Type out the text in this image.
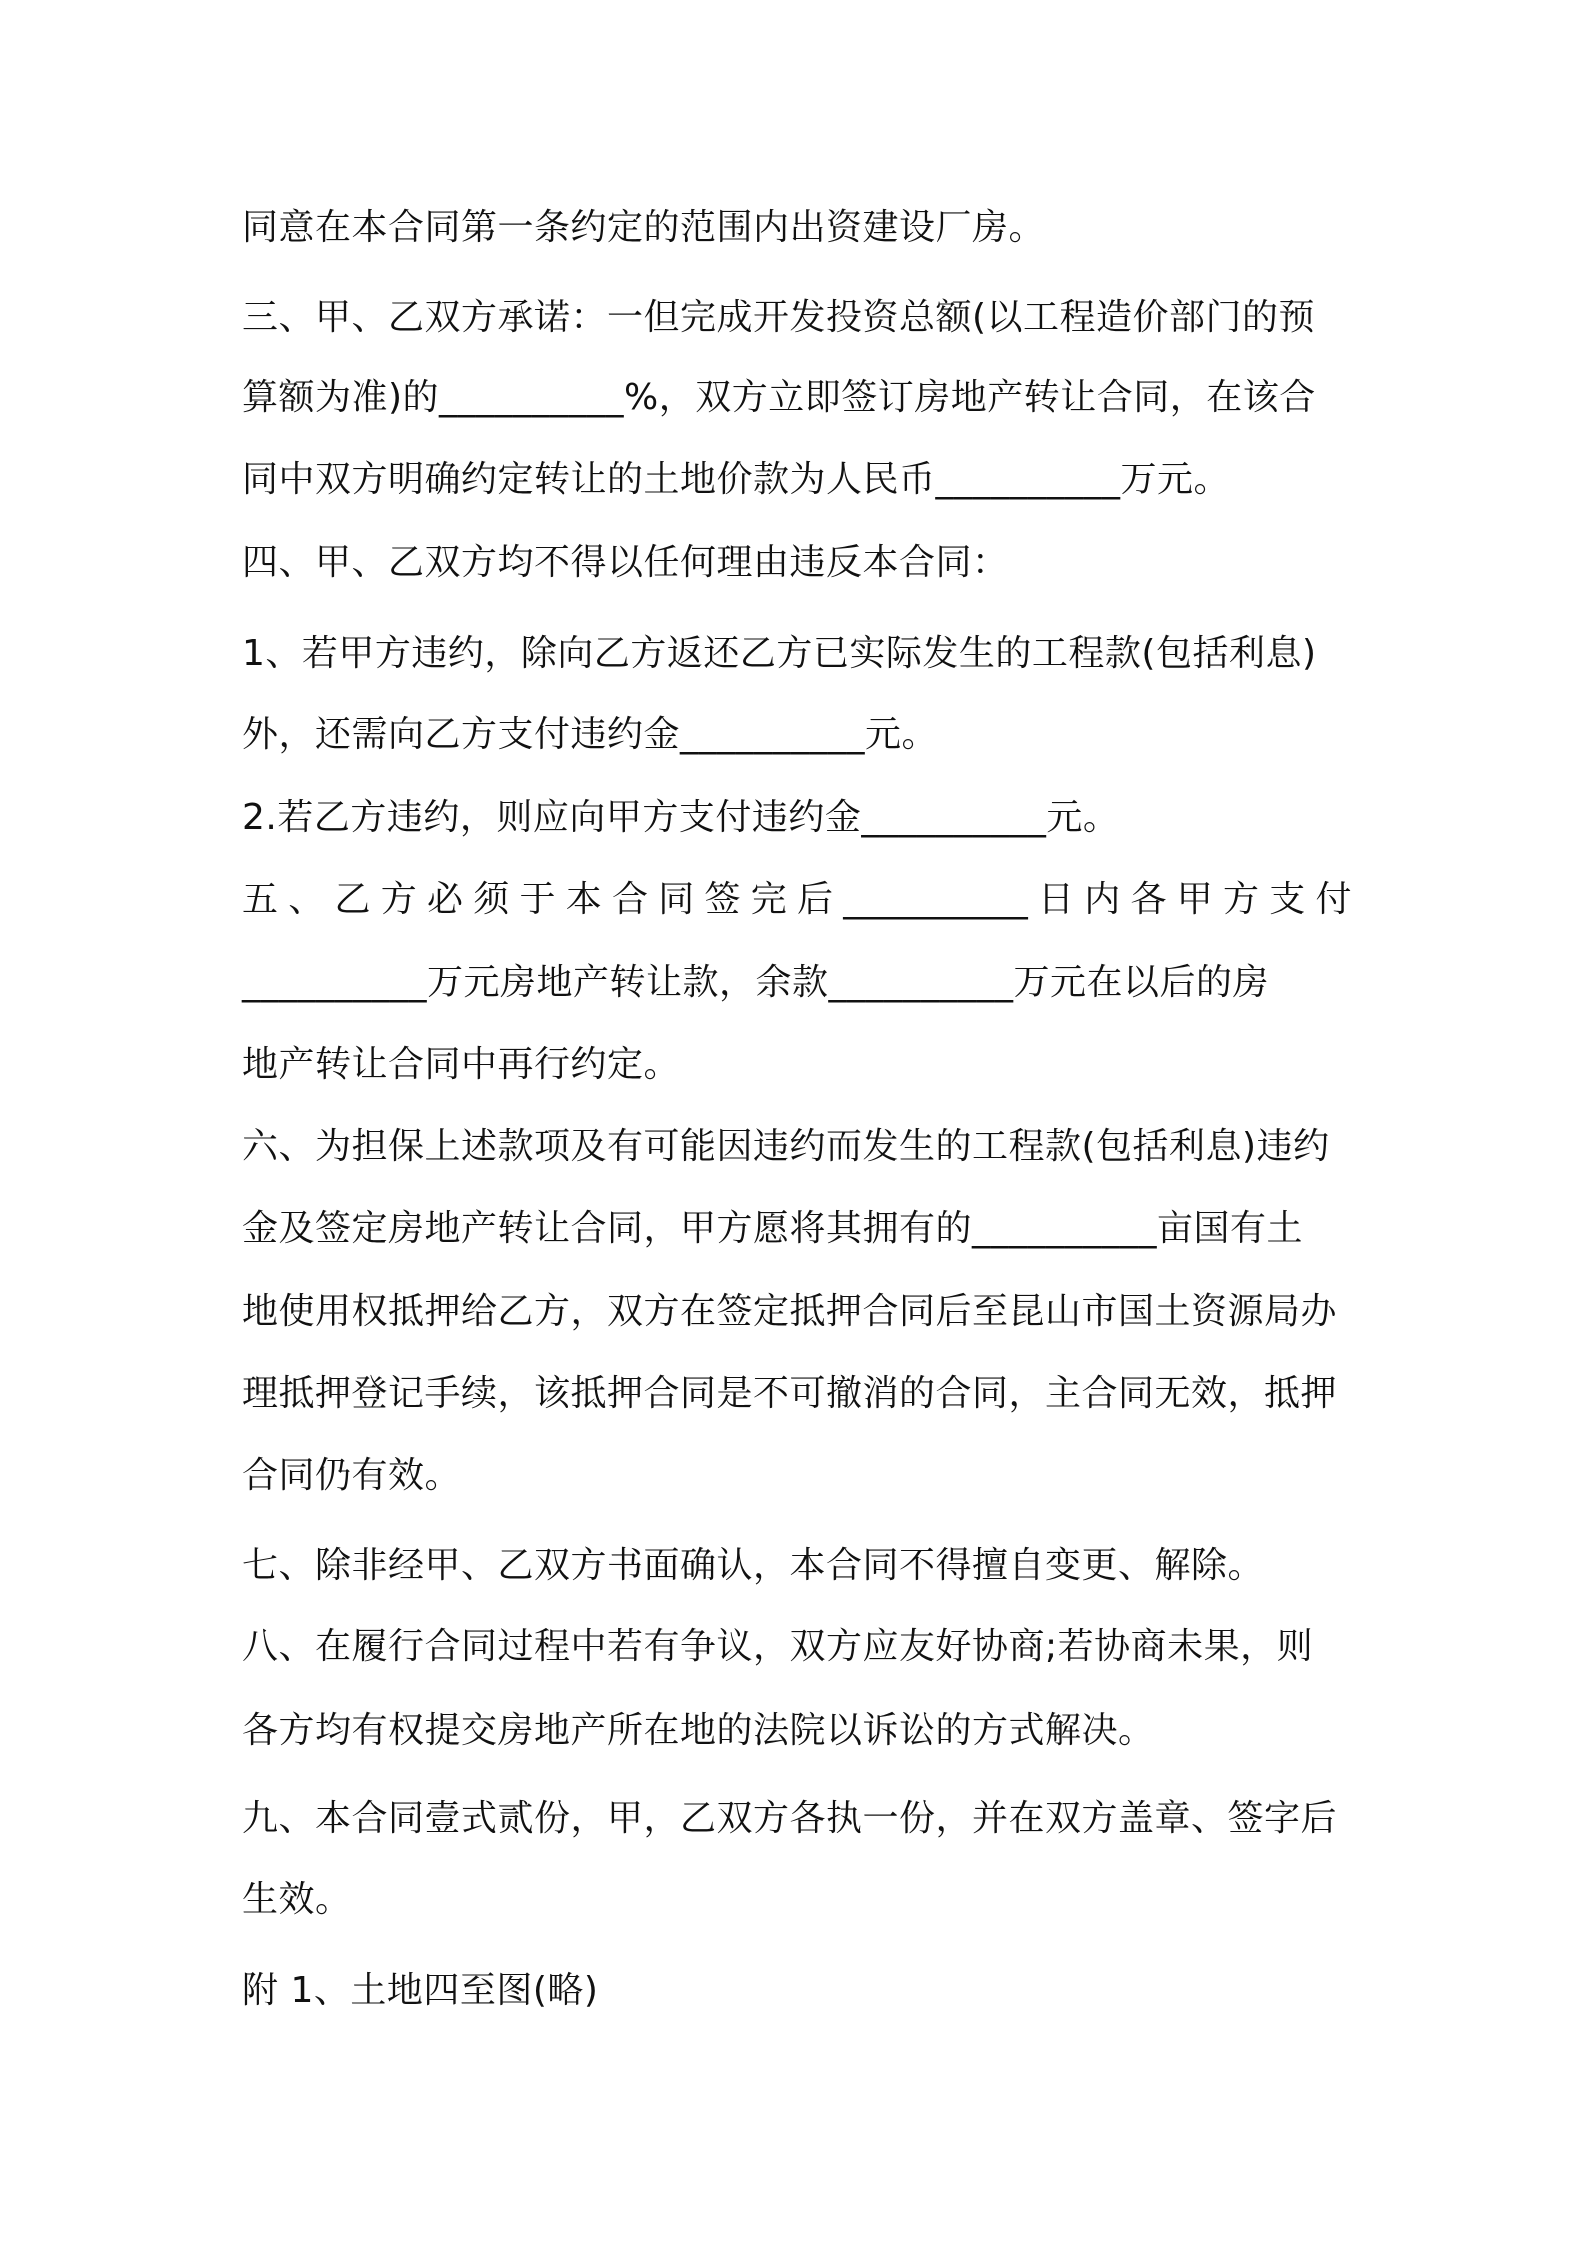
同意在本合同第一条约定的范围内出资建设厂房。
三、甲、乙双方承诺：一但完成开发投资总额(以工程造价部门的预
算额为准)的__________%，双方立即签订房地产转让合同，在该合
同中双方明确约定转让的土地价款为人民币__________万元。
四、甲、乙双方均不得以任何理由违反本合同：
1、若甲方违约，除向乙方返还乙方已实际发生的工程款(包括利息)
外，还需向乙方支付违约金__________元。
2.若乙方违约，则应向甲方支付违约金__________元。
五 、 乙 方 必 须 于 本 合 同 签 完 后 __________ 日 内 各 甲 方 支 付
__________万元房地产转让款，余款__________万元在以后的房
地产转让合同中再行约定。
六、为担保上述款项及有可能因违约而发生的工程款(包括利息)违约
金及签定房地产转让合同，甲方愿将其拥有的__________亩国有土
地使用权抵押给乙方，双方在签定抵押合同后至昆山市国土资源局办
理抵押登记手续，该抵押合同是不可撤消的合同，主合同无效，抵押
合同仍有效。
七、除非经甲、乙双方书面确认，本合同不得擅自变更、解除。
八、在履行合同过程中若有争议，双方应友好协商;若协商未果，则
各方均有权提交房地产所在地的法院以诉讼的方式解决。
九、本合同壹式贰份，甲，乙双方各执一份，并在双方盖章、签字后
生效。
附 1、土地四至图(略)
